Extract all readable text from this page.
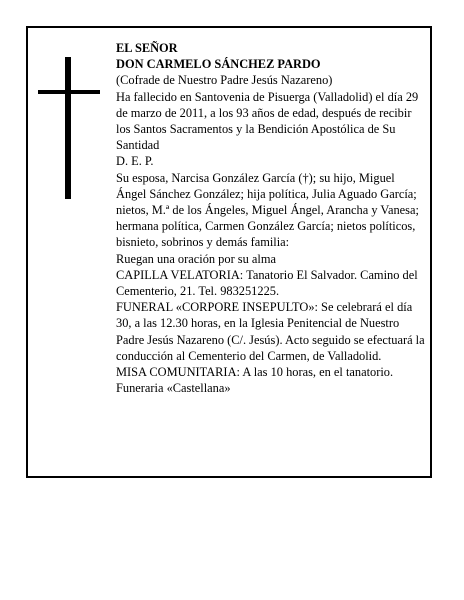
EL SEÑOR

DON CARMELO SÁNCHEZ PARDO

(Cofrade de Nuestro Padre Jesús Nazareno)

Ha fallecido en Santovenia de Pisuerga (Valladolid) el día 29 de marzo de 2011, a los 93 años de edad, después de recibir los Santos Sacramentos y la Bendición Apostólica de Su Santidad

D. E. P.

Su esposa, Narcisa González García (†); su hijo, Miguel Ángel Sánchez González; hija política, Julia Aguado García; nietos, M.ª de los Ángeles, Miguel Ángel, Arancha y Vanesa; hermana política, Carmen González García; nietos políticos, bisnieto, sobrinos y demás familia:

Ruegan una oración por su alma

CAPILLA VELATORIA: Tanatorio El Salvador. Camino del Cementerio, 21. Tel. 983251225.

FUNERAL «CORPORE INSEPULTO»: Se celebrará el día 30, a las 12.30 horas, en la Iglesia Penitencial de Nuestro Padre Jesús Nazareno (C/. Jesús). Acto seguido se efectuará la conducción al Cementerio del Carmen, de Valladolid.

MISA COMUNITARIA: A las 10 horas, en el tanatorio.

Funeraria «Castellana»
